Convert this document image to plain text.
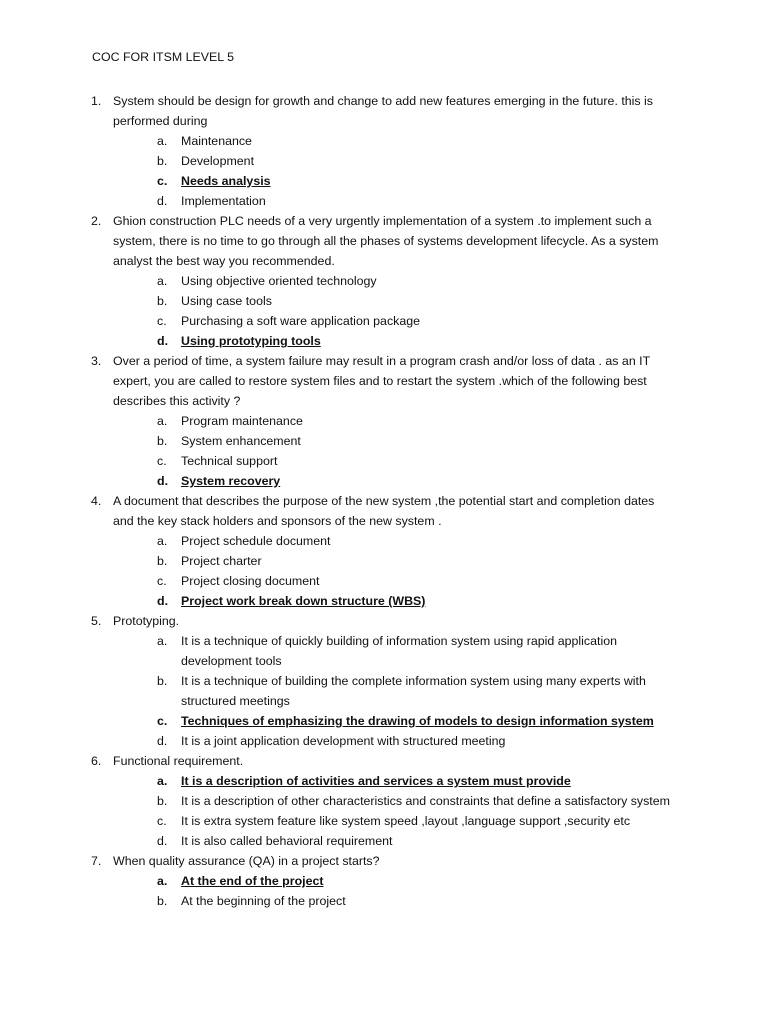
COC FOR ITSM LEVEL 5

1. System should be design for growth and change to add new features emerging in the future. this is performed during
a. Maintenance
b. Development
c. Needs analysis
d. Implementation
2. Ghion construction PLC needs of a very urgently implementation of a system .to implement such a system, there is no time to go through all the phases of systems development lifecycle. As a system analyst the best way you recommended.
a. Using objective oriented technology
b. Using case tools
c. Purchasing a soft ware application package
d. Using prototyping tools
3. Over a period of time, a system failure may result in a program crash and/or loss of data . as an IT expert, you are called to restore system files and to restart the system .which of the following best describes this activity ?
a. Program maintenance
b. System enhancement
c. Technical support
d. System recovery
4. A document that describes the purpose of the new system ,the potential start and completion dates and the key stack holders and sponsors of the new system .
a. Project schedule document
b. Project charter
c. Project closing document
d. Project work break down structure (WBS)
5. Prototyping.
a. It is a technique of quickly building of information system using rapid application development tools
b. It is a technique of building the complete information system using many experts with structured meetings
c. Techniques of emphasizing the drawing of models to design information system
d. It is a joint application development with structured meeting
6. Functional requirement.
a. It is a description of activities and services a system must provide
b. It is a description of other characteristics and constraints that define a satisfactory system
c. It is extra system feature like system speed ,layout ,language support ,security etc
d. It is also called behavioral requirement
7. When quality assurance (QA) in a project starts?
a. At the end of the project
b. At the beginning of the project
